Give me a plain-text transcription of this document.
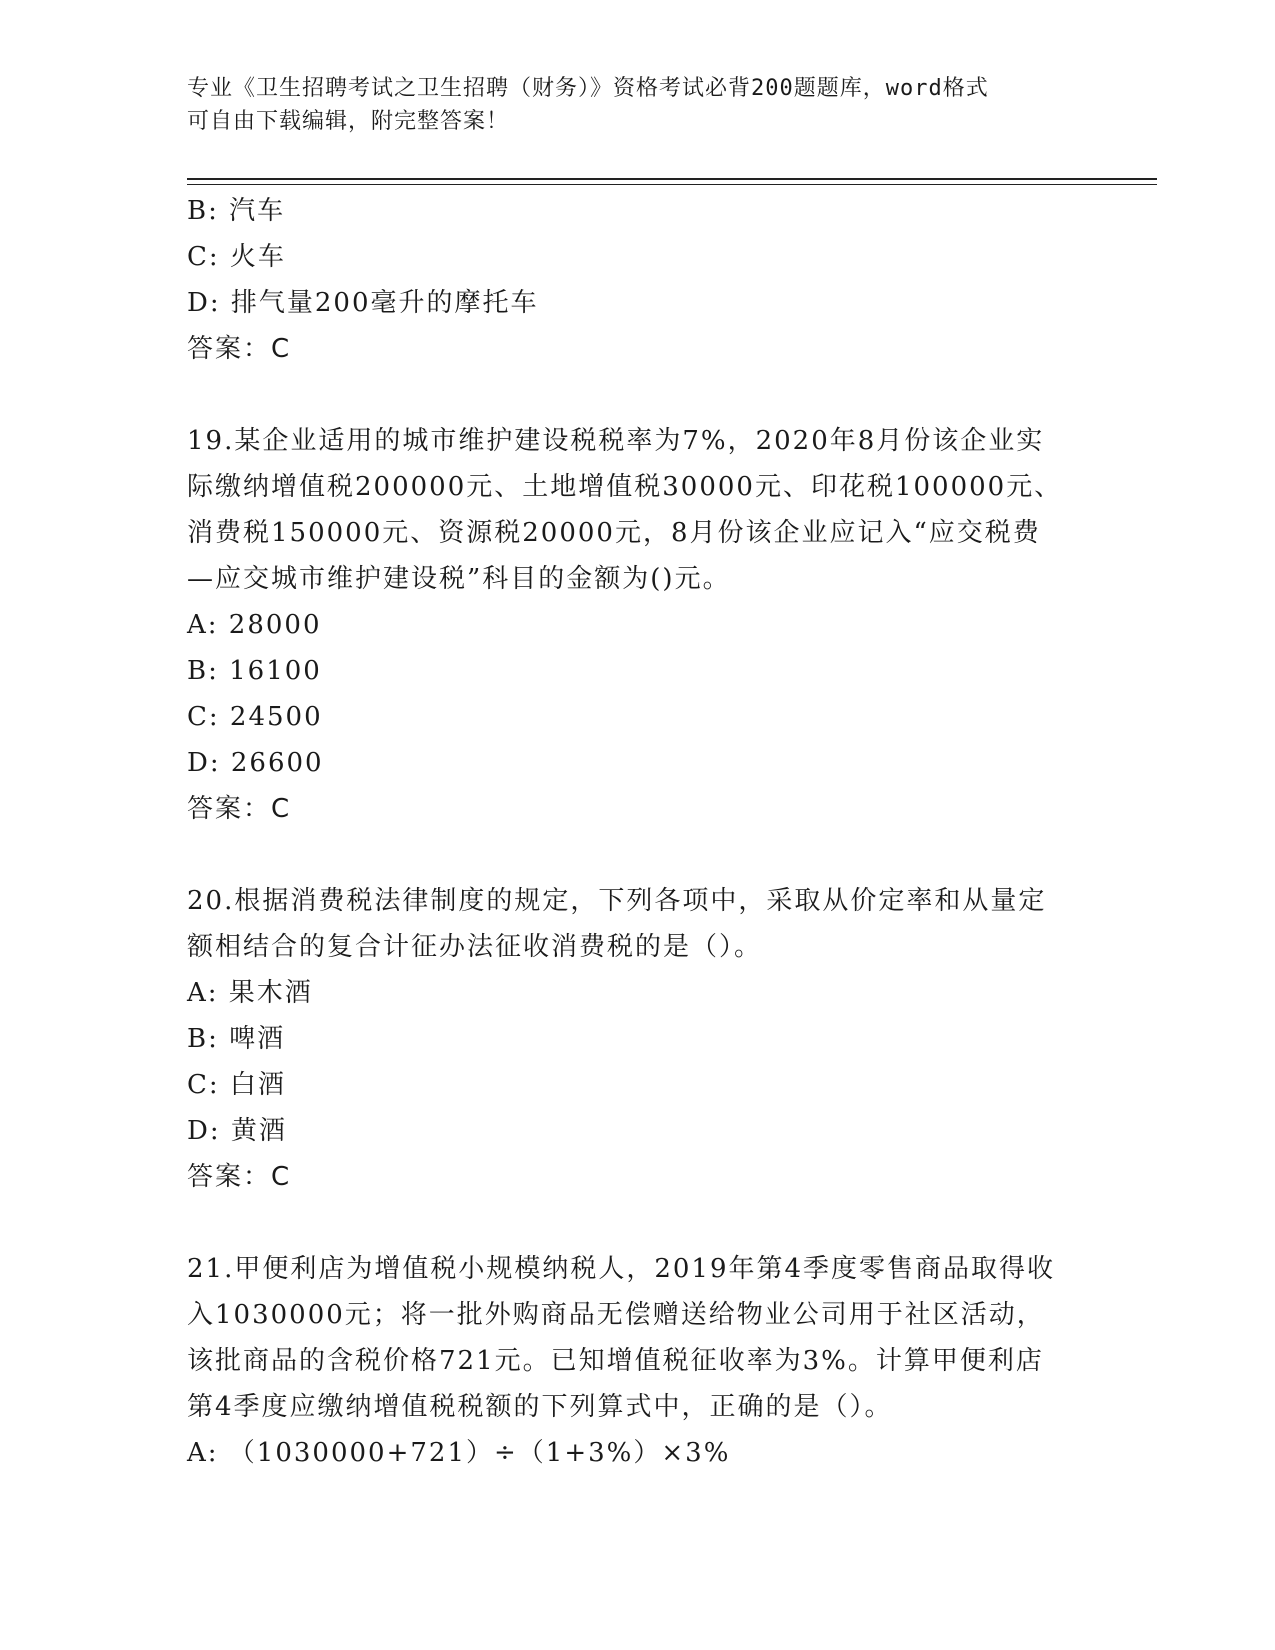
专业《卫生招聘考试之卫生招聘（财务）》资格考试必背200题题库，word格式
可自由下载编辑，附完整答案！
B: 汽车
C: 火车
D: 排气量200毫升的摩托车
答案：C
19.某企业适用的城市维护建设税税率为7%，2020年8月份该企业实
际缴纳增值税200000元、土地增值税30000元、印花税100000元、
消费税150000元、资源税20000元，8月份该企业应记入“应交税费
—应交城市维护建设税”科目的金额为()元。
A: 28000
B: 16100
C: 24500
D: 26600
答案：C
20.根据消费税法律制度的规定，下列各项中，采取从价定率和从量定
额相结合的复合计征办法征收消费税的是（）。
A: 果木酒
B: 啤酒
C: 白酒
D: 黄酒
答案：C
21.甲便利店为增值税小规模纳税人，2019年第4季度零售商品取得收
入1030000元；将一批外购商品无偿赠送给物业公司用于社区活动，
该批商品的含税价格721元。已知增值税征收率为3%。计算甲便利店
第4季度应缴纳增值税税额的下列算式中，正确的是（）。
A: （1030000+721）÷（1+3%）×3%
